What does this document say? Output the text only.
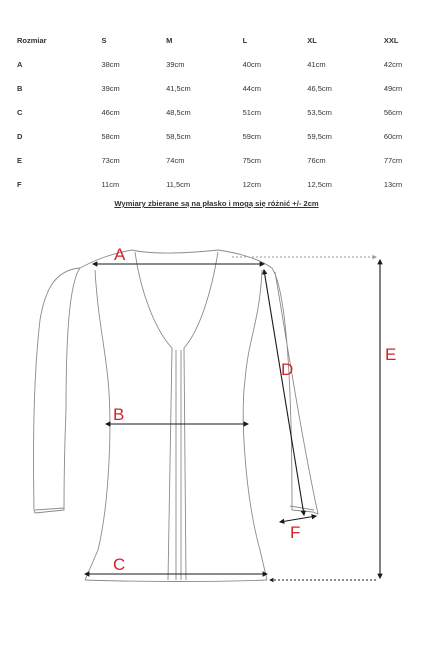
Rozmiar	S	M	L	XL	XXL
A	38cm	39cm	40cm	41cm	42cm
B	39cm	41,5cm	44cm	46,5cm	49cm
C	46cm	48,5cm	51cm	53,5cm	56cm
D	58cm	58,5cm	59cm	59,5cm	60cm
E	73cm	74cm	75cm	76cm	77cm
F	11cm	11,5cm	12cm	12,5cm	13cm
Wymiary zbierane są na płasko i mogą się różnić +/- 2cm
A
B
C
D
E
F
